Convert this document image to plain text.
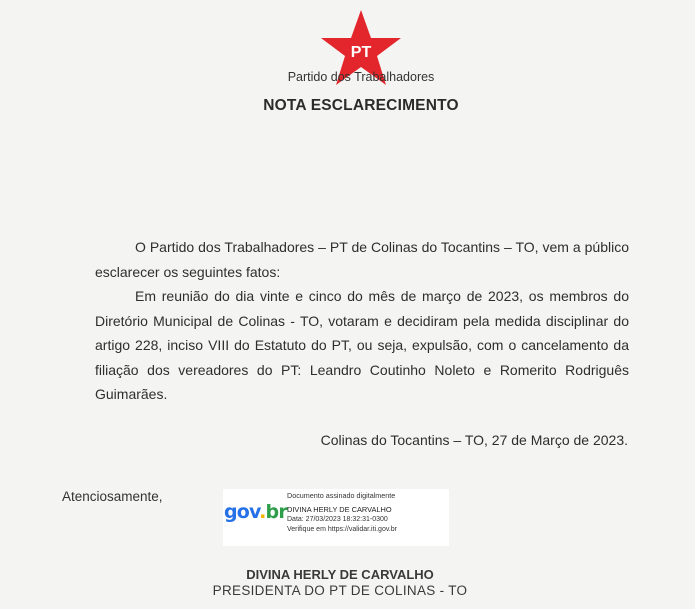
PT
Partido dos Trabalhadores
NOTA ESCLARECIMENTO

O Partido dos Trabalhadores – PT de Colinas do Tocantins – TO, vem a público esclarecer os seguintes fatos:

Em reunião do dia vinte e cinco do mês de março de 2023, os membros do Diretório Municipal de Colinas - TO, votaram e decidiram pela medida disciplinar do artigo 228, inciso VIII do Estatuto do PT, ou seja, expulsão, com o cancelamento da filiação dos vereadores do PT: Leandro Coutinho Noleto e Romerito Rodriguês Guimarães.

Colinas do Tocantins – TO, 27 de Março de 2023.
Atenciosamente,
gov.br
Documento assinado digitalmente
DIVINA HERLY DE CARVALHO
Data: 27/03/2023 18:32:31-0300
Verifique em https://validar.iti.gov.br
DIVINA HERLY DE CARVALHO
PRESIDENTA DO PT DE COLINAS - TO
